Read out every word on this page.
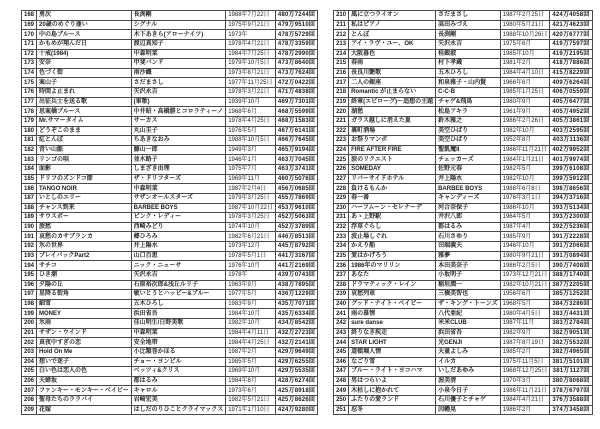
168	勇次	長渕剛	1988年7月22日	480万7244回
169	20歳のめぐり逢い	シグナル	1975年9月21日	479万9510回
170	中の島ブルース	木下あきら(アローナイツ)	1973年	478万5729回
171	かもめが翔んだ日	渡辺真知子	1978年4月21日	478万3359回
172	十戒(1984)	中森明菜	1984年7月25日	478万2990回
173	安奈	甲斐バンド	1979年10月5日	473万8640回
174	色づく街	南沙織	1973年8月21日	473万7624回
175	案山子	さだまさし	1977年11月25日	472万0422回
176	時間よ止まれ	矢沢永吉	1978年3月21日	471万4838回
177	出征兵士を送る歌	(軍歌)	1939年10月	469万7301回
178	思案橋ブルース	中井昭・高橋勝とコロラティーノ	1968年6月	468万5599回
179	Mr.サマータイム	サーカス	1978年4月25日	468万1583回
180	どうぞこのまま	丸山圭子	1976年5月	467万6141回
181	紅とんぼ	ちあきなおみ	1988年10月5日	466万7645回
182	青い山脈	藤山一郎	1949年3月	465万9194回
183	リンゴの唄	並木路子	1946年1月	463万7045回
184	面影	しまざき由理	1975年7月	463万3741回
185	ドリフのズンドコ節	ザ・ドリフターズ	1969年11月	460万5076回
186	TANGO NOIR	中森明菜	1987年2月4日	456万0685回
187	いとしのエリー	サザンオールスターズ	1979年3月25日	455万7869回
188	チャンス到来	BARBEE BOYS	1987年10月22日	453万9610回
189	サウスポー	ピンク・レディー	1978年3月25日	452万5063回
190	旅愁	西崎みどり	1974年10月	452万3789回
191	哀愁のカサブランカ	郷ひろみ	1982年6月21日	446万8513回
192	氷の世界	井上陽水	1973年12月	445万8792回
193	プレイバックPart2	山口百恵	1978年5月1日	441万3167回
194	サチコ	ニック・ニューサ	1976年10月	441万2169回
195	ひき潮	矢沢永吉	1978年	439万0743回
196	夕陽の丘	石原裕次郎&浅丘ルリ子	1963年9月	438万7895回
197	星降る街角	敏いとうとハッピー&ブルー	1977年5月	436万1229回
198	細雪	五木ひろし	1983年9月	435万7071回
199	MONEY	浜田省吾	1984年10月	435万6334回
200	氷雨	佳山明生/日野美歌	1982年10月	434万8542回
201	サザン・ウインド	中森明菜	1984年4月11日	432万2723回
202	真夜中すぎの恋	安全地帯	1984年4月25日	432万2141回
203	Hold On Me	小比類巻かほる	1987年2月	429万9649回
204	想いで迷子	チョー・ヨンピル	1985年5月	429万6255回
205	白い色は恋人の色	ベッツィ&クリス	1969年10月	429万5535回
206	夫婦坂	都はるみ	1984年8月	428万6274回
207	ファンキー・モンキー・ベイビー	キャロル	1973年6月	425万8918回
208	聖母たちのララバイ	岩崎宏美	1982年5月21日	425万8626回
209	花嫁	はしだのりひことクライマックス	1971年1月10日	424万9280回
210	風に立つライオン	さだまさし	1987年2月25日	424万4058回
211	私はピアノ	高田みづえ	1980年5月21日	421万4623回
212	とんぼ	長渕剛	1988年10月26日	420万6777回
213	アイ・ラヴ・ユー、OK	矢沢永吉	1975年6月	419万7597回
214	大阪暮色	桂銀淑	1985年10月	419万2195回
215	春雨	村下孝蔵	1981年2月	418万7886回
216	長良川艶歌	五木ひろし	1984年4月10日	415万8229回
217	二人の銀座	和泉雅子・山内賢	1966年6月	409万6264回
218	Romantic が止まらない	C-C-B	1985年1月25日	406万0559回
219	終章(エピローグ)〜追想の主題	チャゲ&飛鳥	1980年9月	405万6477回
220	湖愁	松島アキラ	1961年9月	405万4952回
221	ガラス越しに消えた夏	鈴木雅之	1986年2月26日	405万3861回
222	裏町酒場	美空ひばり	1982年10月	403万2595回
223	お祭りマンボ	美空ひばり	1952年8月	403万1136回
224	FIRE AFTER FIRE	聖飢魔II	1986年11月21日	402万9952回
225	涙のリクエスト	チェッカーズ	1984年1月21日	401万9974回
226	SOMEDAY	佐野元春	1982年5月	399万6108回
227	リバーサイドホテル	井上陽水	1982年10月	399万5912回
228	負けるもんか	BARBEE BOYS	1988年6月8日	398万8656回
229	春一番	キャンディーズ	1976年3月1日	394万3716回
230	ハーフムーン・セレナーデ	河合奈保子	1986年10月	393万5134回
231	あゝ上野駅	井沢八郎	1964年5月	393万2300回
232	浮草ぐらし	都はるみ	1987年4月	392万5236回
233	波止場しぐれ	石川さゆり	1985年9月	391万2228回
234	かえり船	田端義夫	1946年10月	391万2066回
235	愛はかげろう	雅夢	1980年9月21日	391万0894回
236	1986年のマリリン	本田美奈子	1986年2月5日	390万7408回
237	あなた	小坂明子	1973年12月21日	388万1740回
238	ドラマティック・レイン	稲垣潤一	1982年10月21日	387万2205回
239	哀愁列車	三橋美智也	1956年6月	385万1252回
240	グッド・ナイト・ベイビー	ザ・キング・トーンズ	1968年5月	384万3286回
241	雨の慕情	八代亜紀	1980年4月5日	383万4431回
242	sure danse	米米CLUB	1987年11月	383万2784回
243	終りなき疾走	浜田省吾	1982年9月	382万9051回
244	STAR LIGHT	光GENJI	1987年8月19日	382万5532回
245	道頓堀人情	天童よしみ	1985年2月	382万4965回
246	なごり雪	イルカ	1975年11月5日	381万5101回
247	ブルー・ライト・ヨコハマ	いしだあゆみ	1968年12月25日	381万1127回
248	男はつらいよ	渥美清	1970年3月	380万8068回
249	木枯しに抱かれて	小泉今日子	1986年11月21日	378万6797回
250	ふたりの愛ランド	石川優子とチャゲ	1984年4月21日	376万3588回
251	忍冬	因幡晃	1986年2月	374万3458回
